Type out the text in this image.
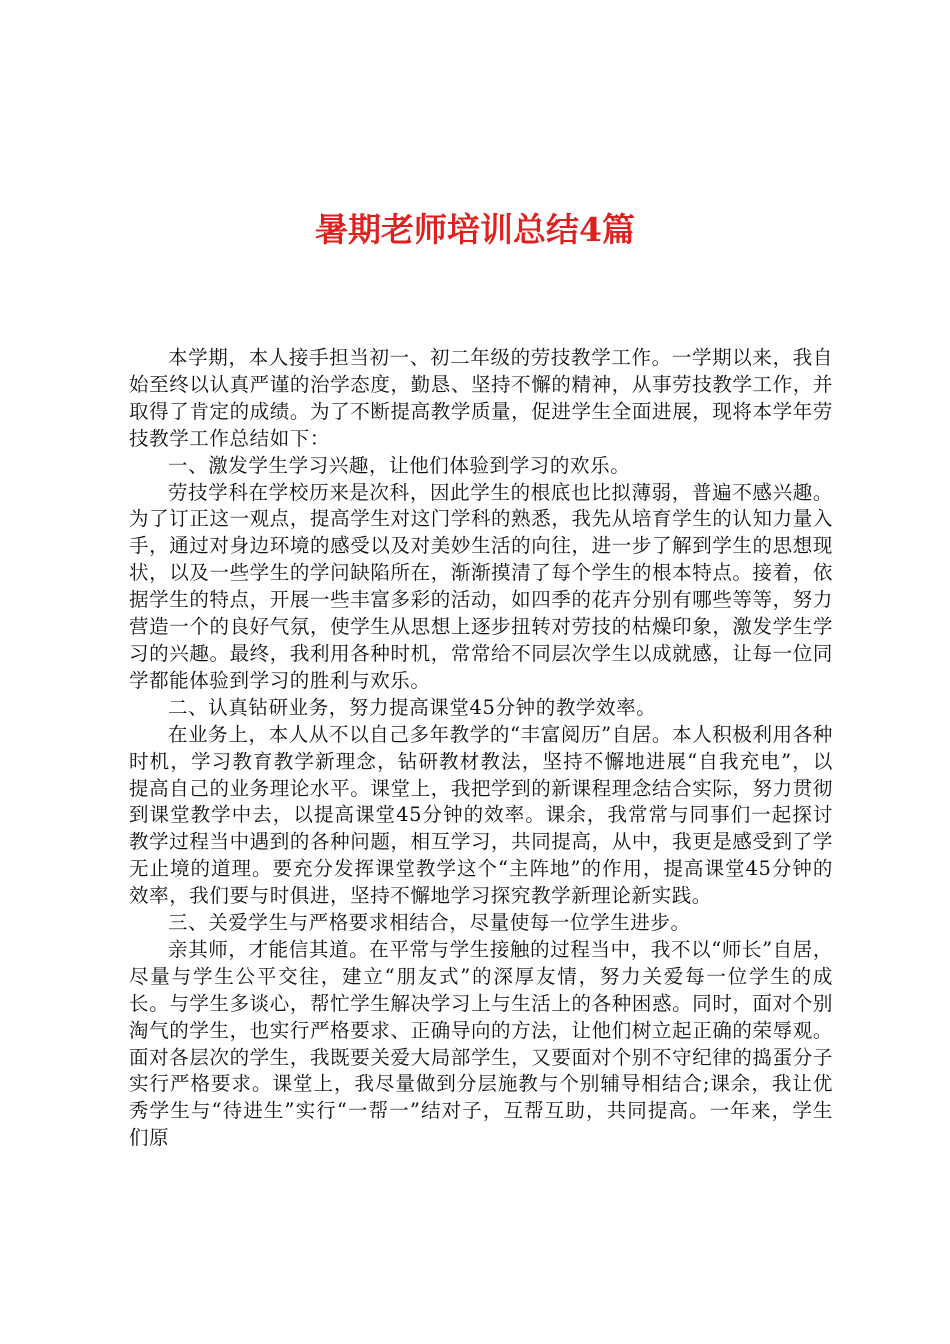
暑期老师培训总结4篇

本学期，本人接手担当初一、初二年级的劳技教学工作。一学期以来，我自始至终以认真严谨的治学态度，勤恳、坚持不懈的精神，从事劳技教学工作，并取得了肯定的成绩。为了不断提高教学质量，促进学生全面进展，现将本学年劳技教学工作总结如下：

一、激发学生学习兴趣，让他们体验到学习的欢乐。

劳技学科在学校历来是次科，因此学生的根底也比拟薄弱，普遍不感兴趣。为了订正这一观点，提高学生对这门学科的熟悉，我先从培育学生的认知力量入手，通过对身边环境的感受以及对美妙生活的向往，进一步了解到学生的思想现状，以及一些学生的学问缺陷所在，渐渐摸清了每个学生的根本特点。接着，依据学生的特点，开展一些丰富多彩的活动，如四季的花卉分别有哪些等等，努力营造一个的良好气氛，使学生从思想上逐步扭转对劳技的枯燥印象，激发学生学习的兴趣。最终，我利用各种时机，常常给不同层次学生以成就感，让每一位同学都能体验到学习的胜利与欢乐。

二、认真钻研业务，努力提高课堂45分钟的教学效率。

在业务上，本人从不以自己多年教学的“丰富阅历”自居。本人积极利用各种时机，学习教育教学新理念，钻研教材教法，坚持不懈地进展“自我充电”，以提高自己的业务理论水平。课堂上，我把学到的新课程理念结合实际，努力贯彻到课堂教学中去，以提高课堂45分钟的效率。课余，我常常与同事们一起探讨教学过程当中遇到的各种问题，相互学习，共同提高，从中，我更是感受到了学无止境的道理。要充分发挥课堂教学这个“主阵地”的作用，提高课堂45分钟的效率，我们要与时俱进，坚持不懈地学习探究教学新理论新实践。

三、关爱学生与严格要求相结合，尽量使每一位学生进步。

亲其师，才能信其道。在平常与学生接触的过程当中，我不以“师长”自居，尽量与学生公平交往，建立“朋友式”的深厚友情，努力关爱每一位学生的成长。与学生多谈心，帮忙学生解决学习上与生活上的各种困惑。同时，面对个别淘气的学生，也实行严格要求、正确导向的方法，让他们树立起正确的荣辱观。面对各层次的学生，我既要关爱大局部学生，又要面对个别不守纪律的捣蛋分子实行严格要求。课堂上，我尽量做到分层施教与个别辅导相结合;课余，我让优秀学生与“待进生”实行“一帮一”结对子，互帮互助，共同提高。一年来，学生们原
